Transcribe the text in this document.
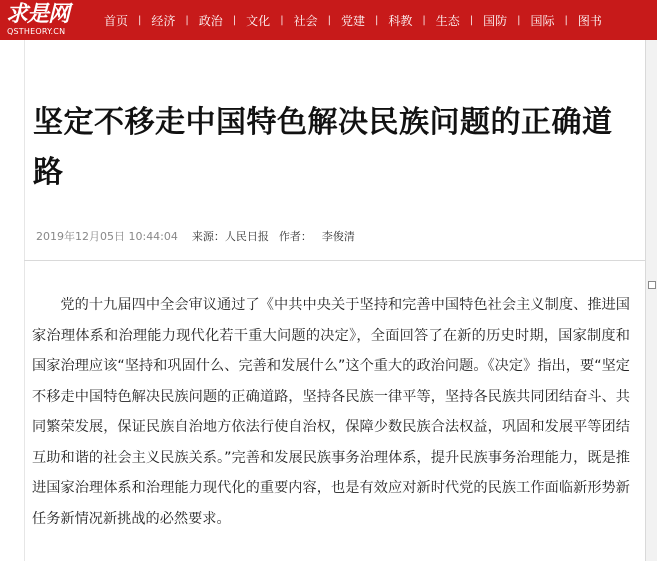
求是网
QSTHEORY.CN
首页	| 经济	| 政治	| 文化	| 社会	| 党建	| 科教	| 生态	| 国防	| 国际	| 图书
坚定不移走中国特色解决民族问题的正确道路
2019年12月05日 10:44:04 来源：人民日报 作者： 李俊清

党的十九届四中全会审议通过了《中共中央关于坚持和完善中国特色社会主义制度、推进国家治理体系和治理能力现代化若干重大问题的决定》，全面回答了在新的历史时期，国家制度和国家治理应该“坚持和巩固什么、完善和发展什么”这个重大的政治问题。《决定》指出，要“坚定不移走中国特色解决民族问题的正确道路，坚持各民族一律平等，坚持各民族共同团结奋斗、共同繁荣发展，保证民族自治地方依法行使自治权，保障少数民族合法权益，巩固和发展平等团结互助和谐的社会主义民族关系。”完善和发展民族事务治理体系，提升民族事务治理能力，既是推进国家治理体系和治理能力现代化的重要内容，也是有效应对新时代党的民族工作面临新形势新任务新情况新挑战的必然要求。
